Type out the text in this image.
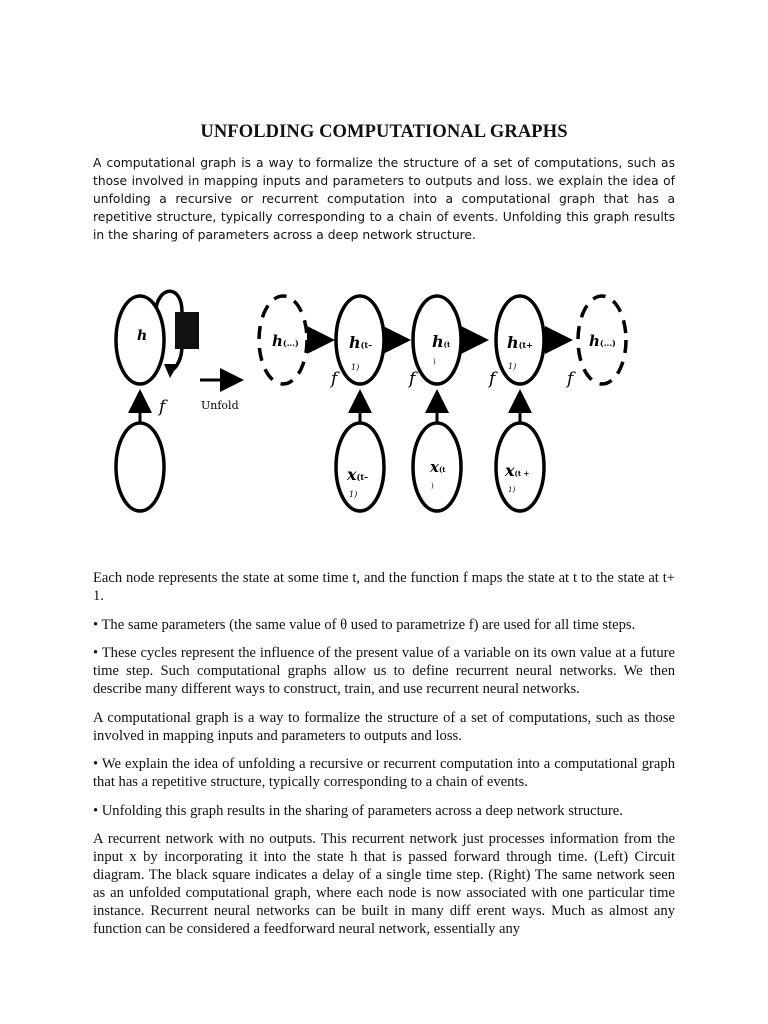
UNFOLDING COMPUTATIONAL GRAPHS

A computational graph is a way to formalize the structure of a set of computations, such as those involved in mapping inputs and parameters to outputs and loss. we explain the idea of unfolding a recursive or recurrent computation into a computational graph that has a repetitive structure, typically corresponding to a chain of events. Unfolding this graph results in the sharing of parameters across a deep network structure.

h
f	Unfold
h(...)	h(t–
1)
h(t
)
h(t+
1)
h(...)
f	f	f	f
x(t–
1)
x(t
)
x(t +
1)

Each node represents the state at some time t, and the function f maps the state at t to the state at t+ 1.

• The same parameters (the same value of θ used to parametrize f) are used for all time steps.

• These cycles represent the influence of the present value of a variable on its own value at a future time step. Such computational graphs allow us to define recurrent neural networks. We then describe many different ways to construct, train, and use recurrent neural networks.

A computational graph is a way to formalize the structure of a set of computations, such as those involved in mapping inputs and parameters to outputs and loss.

• We explain the idea of unfolding a recursive or recurrent computation into a computational graph that has a repetitive structure, typically corresponding to a chain of events.

• Unfolding this graph results in the sharing of parameters across a deep network structure.

A recurrent network with no outputs. This recurrent network just processes information from the input x by incorporating it into the state h that is passed forward through time. (Left) Circuit diagram. The black square indicates a delay of a single time step. (Right) The same network seen as an unfolded computational graph, where each node is now associated with one particular time instance. Recurrent neural networks can be built in many diff erent ways. Much as almost any function can be considered a feedforward neural network, essentially any
